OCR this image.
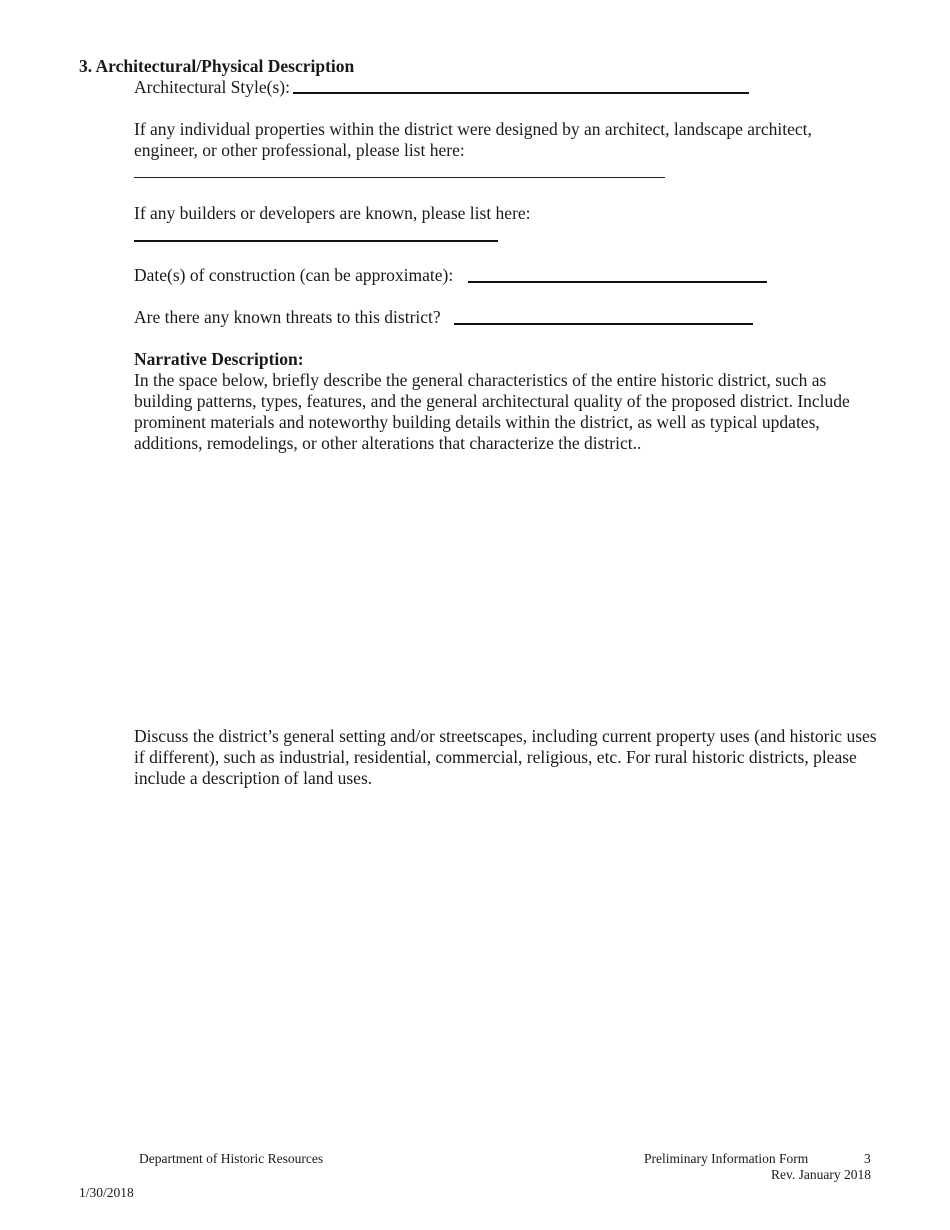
3. Architectural/Physical Description
Architectural Style(s):
If any individual properties within the district were designed by an architect, landscape architect, engineer, or other professional, please list here:
If any builders or developers are known, please list here:
Date(s) of construction (can be approximate):
Are there any known threats to this district?
Narrative Description:
In the space below, briefly describe the general characteristics of the entire historic district, such as building patterns, types, features, and the general architectural quality of the proposed district. Include prominent materials and noteworthy building details within the district, as well as typical updates, additions, remodelings, or other alterations that characterize the district..
Discuss the district’s general setting and/or streetscapes, including current property uses (and historic uses if different), such as industrial, residential, commercial, religious, etc. For rural historic districts, please include a description of land uses.
Department of Historic Resources	Preliminary Information Form	3
Rev. January 2018
1/30/2018
